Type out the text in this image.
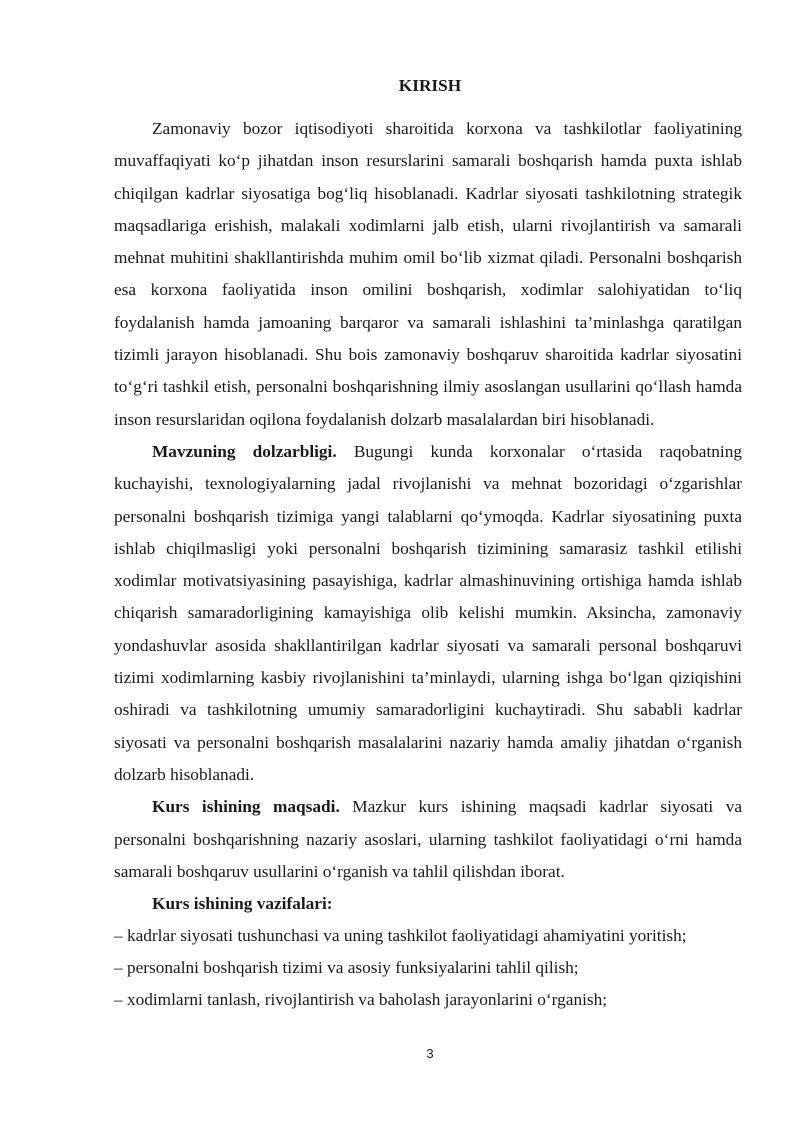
KIRISH

Zamonaviy bozor iqtisodiyoti sharoitida korxona va tashkilotlar faoliyatining muvaffaqiyati ko‘p jihatdan inson resurslarini samarali boshqarish hamda puxta ishlab chiqilgan kadrlar siyosatiga bog‘liq hisoblanadi. Kadrlar siyosati tashkilotning strategik maqsadlariga erishish, malakali xodimlarni jalb etish, ularni rivojlantirish va samarali mehnat muhitini shakllantirishda muhim omil bo‘lib xizmat qiladi. Personalni boshqarish esa korxona faoliyatida inson omilini boshqarish, xodimlar salohiyatidan to‘liq foydalanish hamda jamoaning barqaror va samarali ishlashini ta’minlashga qaratilgan tizimli jarayon hisoblanadi. Shu bois zamonaviy boshqaruv sharoitida kadrlar siyosatini to‘g‘ri tashkil etish, personalni boshqarishning ilmiy asoslangan usullarini qo‘llash hamda inson resurslaridan oqilona foydalanish dolzarb masalalardan biri hisoblanadi.

Mavzuning dolzarbligi. Bugungi kunda korxonalar o‘rtasida raqobatning kuchayishi, texnologiyalarning jadal rivojlanishi va mehnat bozoridagi o‘zgarishlar personalni boshqarish tizimiga yangi talablarni qo‘ymoqda. Kadrlar siyosatining puxta ishlab chiqilmasligi yoki personalni boshqarish tizimining samarasiz tashkil etilishi xodimlar motivatsiyasining pasayishiga, kadrlar almashinuvining ortishiga hamda ishlab chiqarish samaradorligining kamayishiga olib kelishi mumkin. Aksincha, zamonaviy yondashuvlar asosida shakllantirilgan kadrlar siyosati va samarali personal boshqaruvi tizimi xodimlarning kasbiy rivojlanishini ta’minlaydi, ularning ishga bo‘lgan qiziqishini oshiradi va tashkilotning umumiy samaradorligini kuchaytiradi. Shu sababli kadrlar siyosati va personalni boshqarish masalalarini nazariy hamda amaliy jihatdan o‘rganish dolzarb hisoblanadi.

Kurs ishining maqsadi. Mazkur kurs ishining maqsadi kadrlar siyosati va personalni boshqarishning nazariy asoslari, ularning tashkilot faoliyatidagi o‘rni hamda samarali boshqaruv usullarini o‘rganish va tahlil qilishdan iborat.

Kurs ishining vazifalari:

– kadrlar siyosati tushunchasi va uning tashkilot faoliyatidagi ahamiyatini yoritish;

– personalni boshqarish tizimi va asosiy funksiyalarini tahlil qilish;

– xodimlarni tanlash, rivojlantirish va baholash jarayonlarini o‘rganish;

3
